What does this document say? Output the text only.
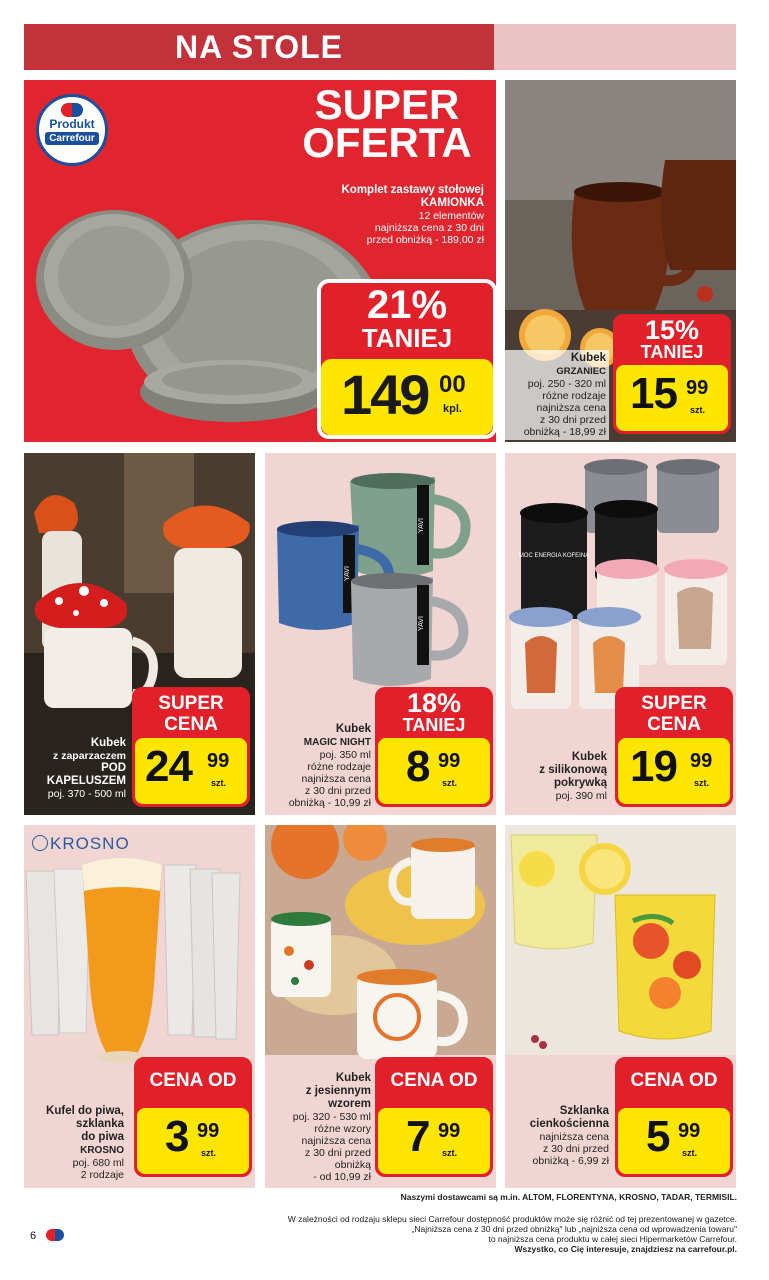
NA STOLE
Produkt
Carrefour
SUPER
OFERTA
Komplet zastawy stołowej KAMIONKA
12 elementów
najniższa cena z 30 dni
przed obniżką - 189,00 zł
21%
TANIEJ
149 00
kpl.
Kubek
GRZANIEC
poj. 250 - 320 ml
różne rodzaje
najniższa cena
z 30 dni przed
obniżką - 18,99 zł
15%
TANIEJ
15 99
szt.
Kubek
z zaparzaczem
POD
KAPELUSZEM
poj. 370 - 500 ml
SUPER
CENA
24 99
szt.
YAVI
YAVI
YAVI
Kubek
MAGIC NIGHT
poj. 350 ml
różne rodzaje
najniższa cena
z 30 dni przed
obniżką - 10,99 zł
18%
TANIEJ
8 99
szt.
MOC ENERGIA KOFEINA
Kubek
z silikonową
pokrywką
poj. 390 ml
SUPER
CENA
19 99
szt.
KROSNO
Kufel do piwa,
szklanka
do piwa
KROSNO
poj. 680 ml
2 rodzaje
CENA OD
3 99
szt.
Kubek
z jesiennym
wzorem
poj. 320 - 530 ml
różne wzory
najniższa cena
z 30 dni przed
obniżką
- od 10,99 zł
CENA OD
7 99
szt.
Szklanka
cienkościenna
najniższa cena
z 30 dni przed
obniżką - 6,99 zł
CENA OD
5 99
szt.
Naszymi dostawcami są m.in. ALTOM, FLORENTYNA, KROSNO, TADAR, TERMISIL.
W zależności od rodzaju sklepu sieci Carrefour dostępność produktów może się różnić od tej prezentowanej w gazetce.
„Najniższa cena z 30 dni przed obniżką" lub „najniższa cena od wprowadzenia towaru"
to najniższa cena produktu w całej sieci Hipermarketów Carrefour.
Wszystko, co Cię interesuje, znajdziesz na carrefour.pl.
6
